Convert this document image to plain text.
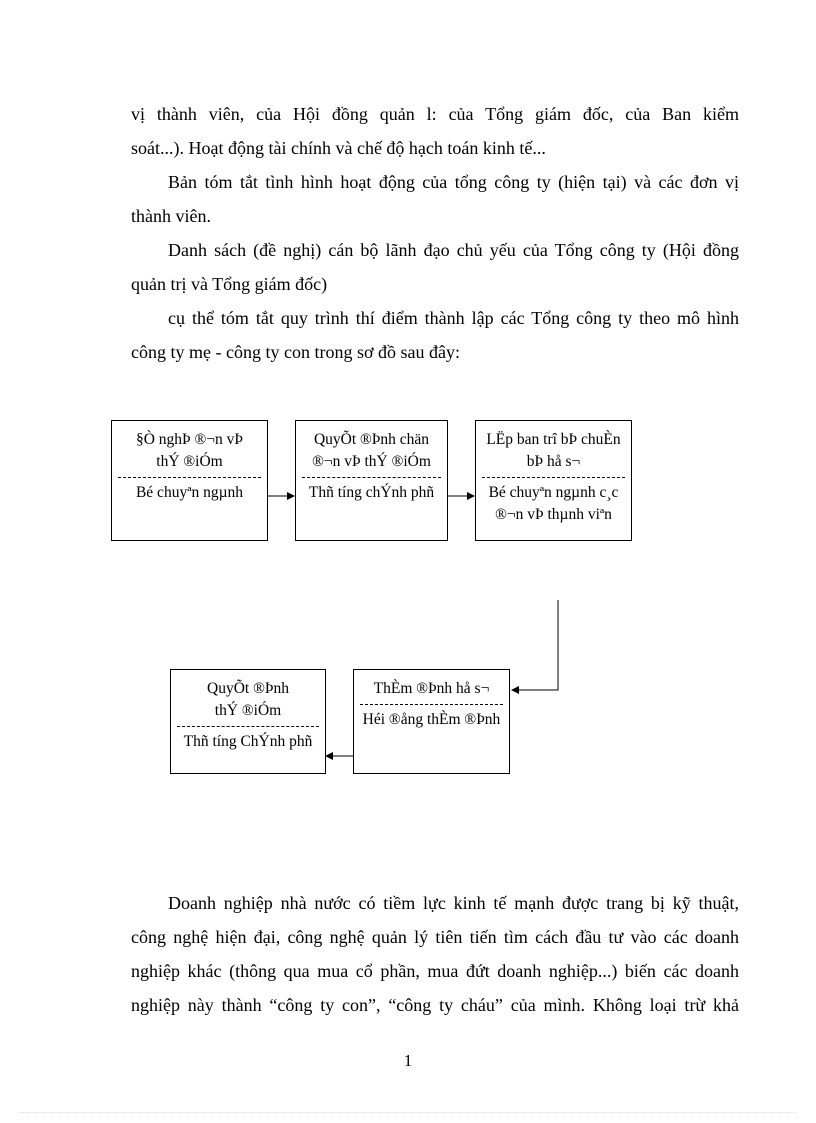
vị thành viên, của Hội đồng quản l: của Tổng giám đốc, của Ban kiểm
soát...). Hoạt động tài chính và chế độ hạch toán kinh tế...
Bản tóm tắt tình hình hoạt động của tổng công ty (hiện tại) và các đơn vị
thành viên.
Danh sách (đề nghị) cán bộ lãnh đạo chủ yếu của Tổng công ty (Hội đồng
quản trị và Tổng giám đốc)
cụ thể tóm tắt quy trình thí điểm thành lập các Tổng công ty theo mô hình
công ty mẹ - công ty con trong sơ đồ sau đây:
§Ò nghÞ ®¬n vÞ
thÝ ®iÓm
Bé chuyªn ngµnh
QuyÕt ®Þnh chän
®¬n vÞ thÝ ®iÓm
Thñ tíng chÝnh phñ
LËp ban trî bÞ chuÈn
bÞ hå s¬
Bé chuyªn ngµnh c¸c
®¬n vÞ thµnh viªn
ThÈm ®Þnh hå s¬
Héi ®ång thÈm ®Þnh
QuyÕt ®Þnh
thÝ ®iÓm
Thñ tíng ChÝnh phñ
Doanh nghiệp nhà nước có tiềm lực kinh tế mạnh được trang bị kỹ thuật,
công nghệ hiện đại, công nghệ quản lý tiên tiến tìm cách đầu tư vào các doanh
nghiệp khác (thông qua mua cổ phần, mua đứt doanh nghiệp...) biến các doanh
nghiệp này thành “công ty con”, “công ty cháu” của mình. Không loại trừ khả
1
